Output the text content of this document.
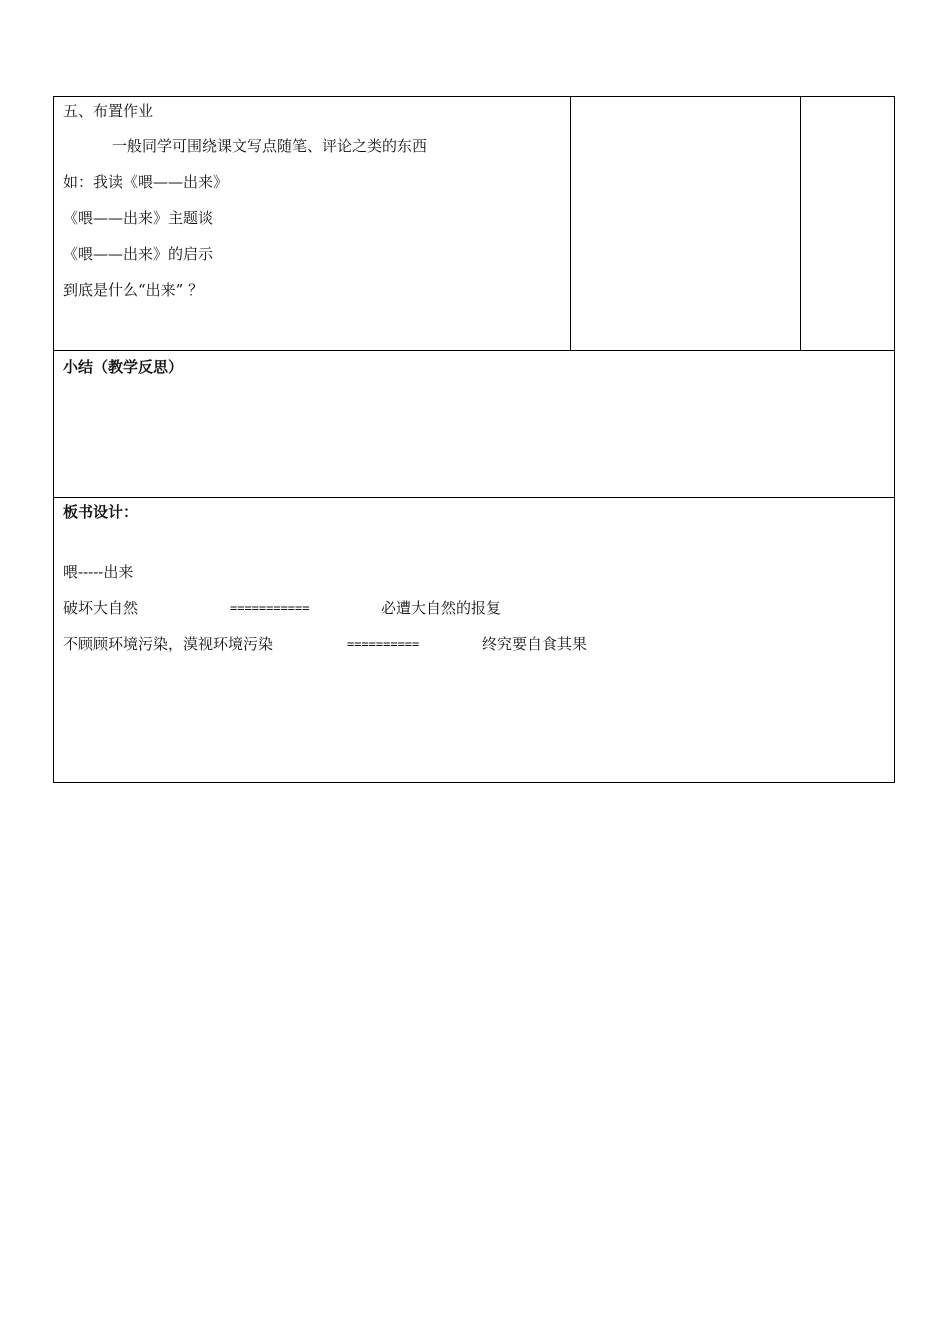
五、布置作业
一般同学可围绕课文写点随笔、评论之类的东西
如：我读《喂——出来》
《喂——出来》主题谈
《喂——出来》的启示
到底是什么“出来” ？
小结（教学反思）
板书设计：
喂-----出来
破坏大自然	===========	必遭大自然的报复
不顾顾环境污染，漠视环境污染	==========	终究要自食其果
